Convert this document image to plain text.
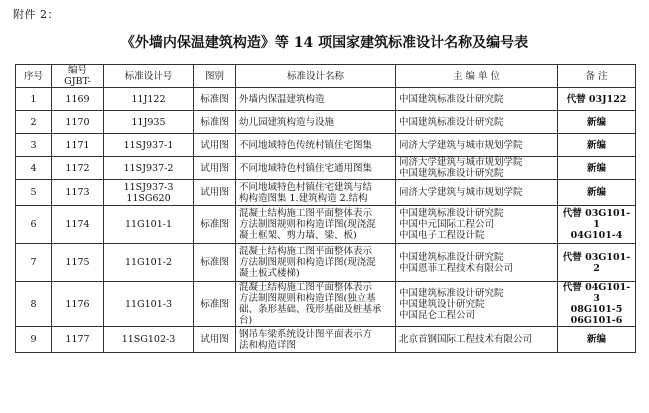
附件 2：
《外墙内保温建筑构造》等 14 项国家建筑标准设计名称及编号表
序号	编号 GJBT-	标准设计号	图别	标准设计名称	主 编 单 位	备 注
1	1169	11J122	标准图	外墙内保温建筑构造	中国建筑标准设计研究院	代替 03J122

2	1170	11J935	标准图	幼儿园建筑构造与设施	中国建筑标准设计研究院	新编

3	1171	11SJ937-1	试用图	不同地域特色传统村镇住宅图集	同济大学建筑与城市规划学院	新编

4	1172	11SJ937-2	试用图	不同地域特色村镇住宅通用图集	同济大学建筑与城市规划学院
中国建筑标准设计研究院	新编

5	1173	11SJ937-3
11SG620	试用图	不同地域特色村镇住宅建筑与结
构构造图集 1.建筑构造 2.结构	同济大学建筑与城市规划学院	新编

6	1174	11G101-1	标准图	混凝土结构施工图平面整体表示
方法制图规则和构造详图(现浇混
凝土框架、剪力墙、梁、板)	中国建筑标准设计研究院
中国中元国际工程公司
中国电子工程设计院	代替 03G101-1
04G101-4

7	1175	11G101-2	标准图	混凝土结构施工图平面整体表示
方法制图规则和构造详图(现浇混
凝土板式楼梯)	中国建筑标准设计研究院
中国恩菲工程技术有限公司	代替 03G101-2

8	1176	11G101-3	标准图	混凝土结构施工图平面整体表示
方法制图规则和构造详图(独立基
础、条形基础、筏形基础及桩基承
台)	中国建筑标准设计研究院
中国建筑设计研究院
中国昆仑工程公司	代替 04G101-3
08G101-5
06G101-6

9	1177	11SG102-3	试用图	钢吊车梁系统设计图平面表示方
法和构造详图	北京首钢国际工程技术有限公司	新编
